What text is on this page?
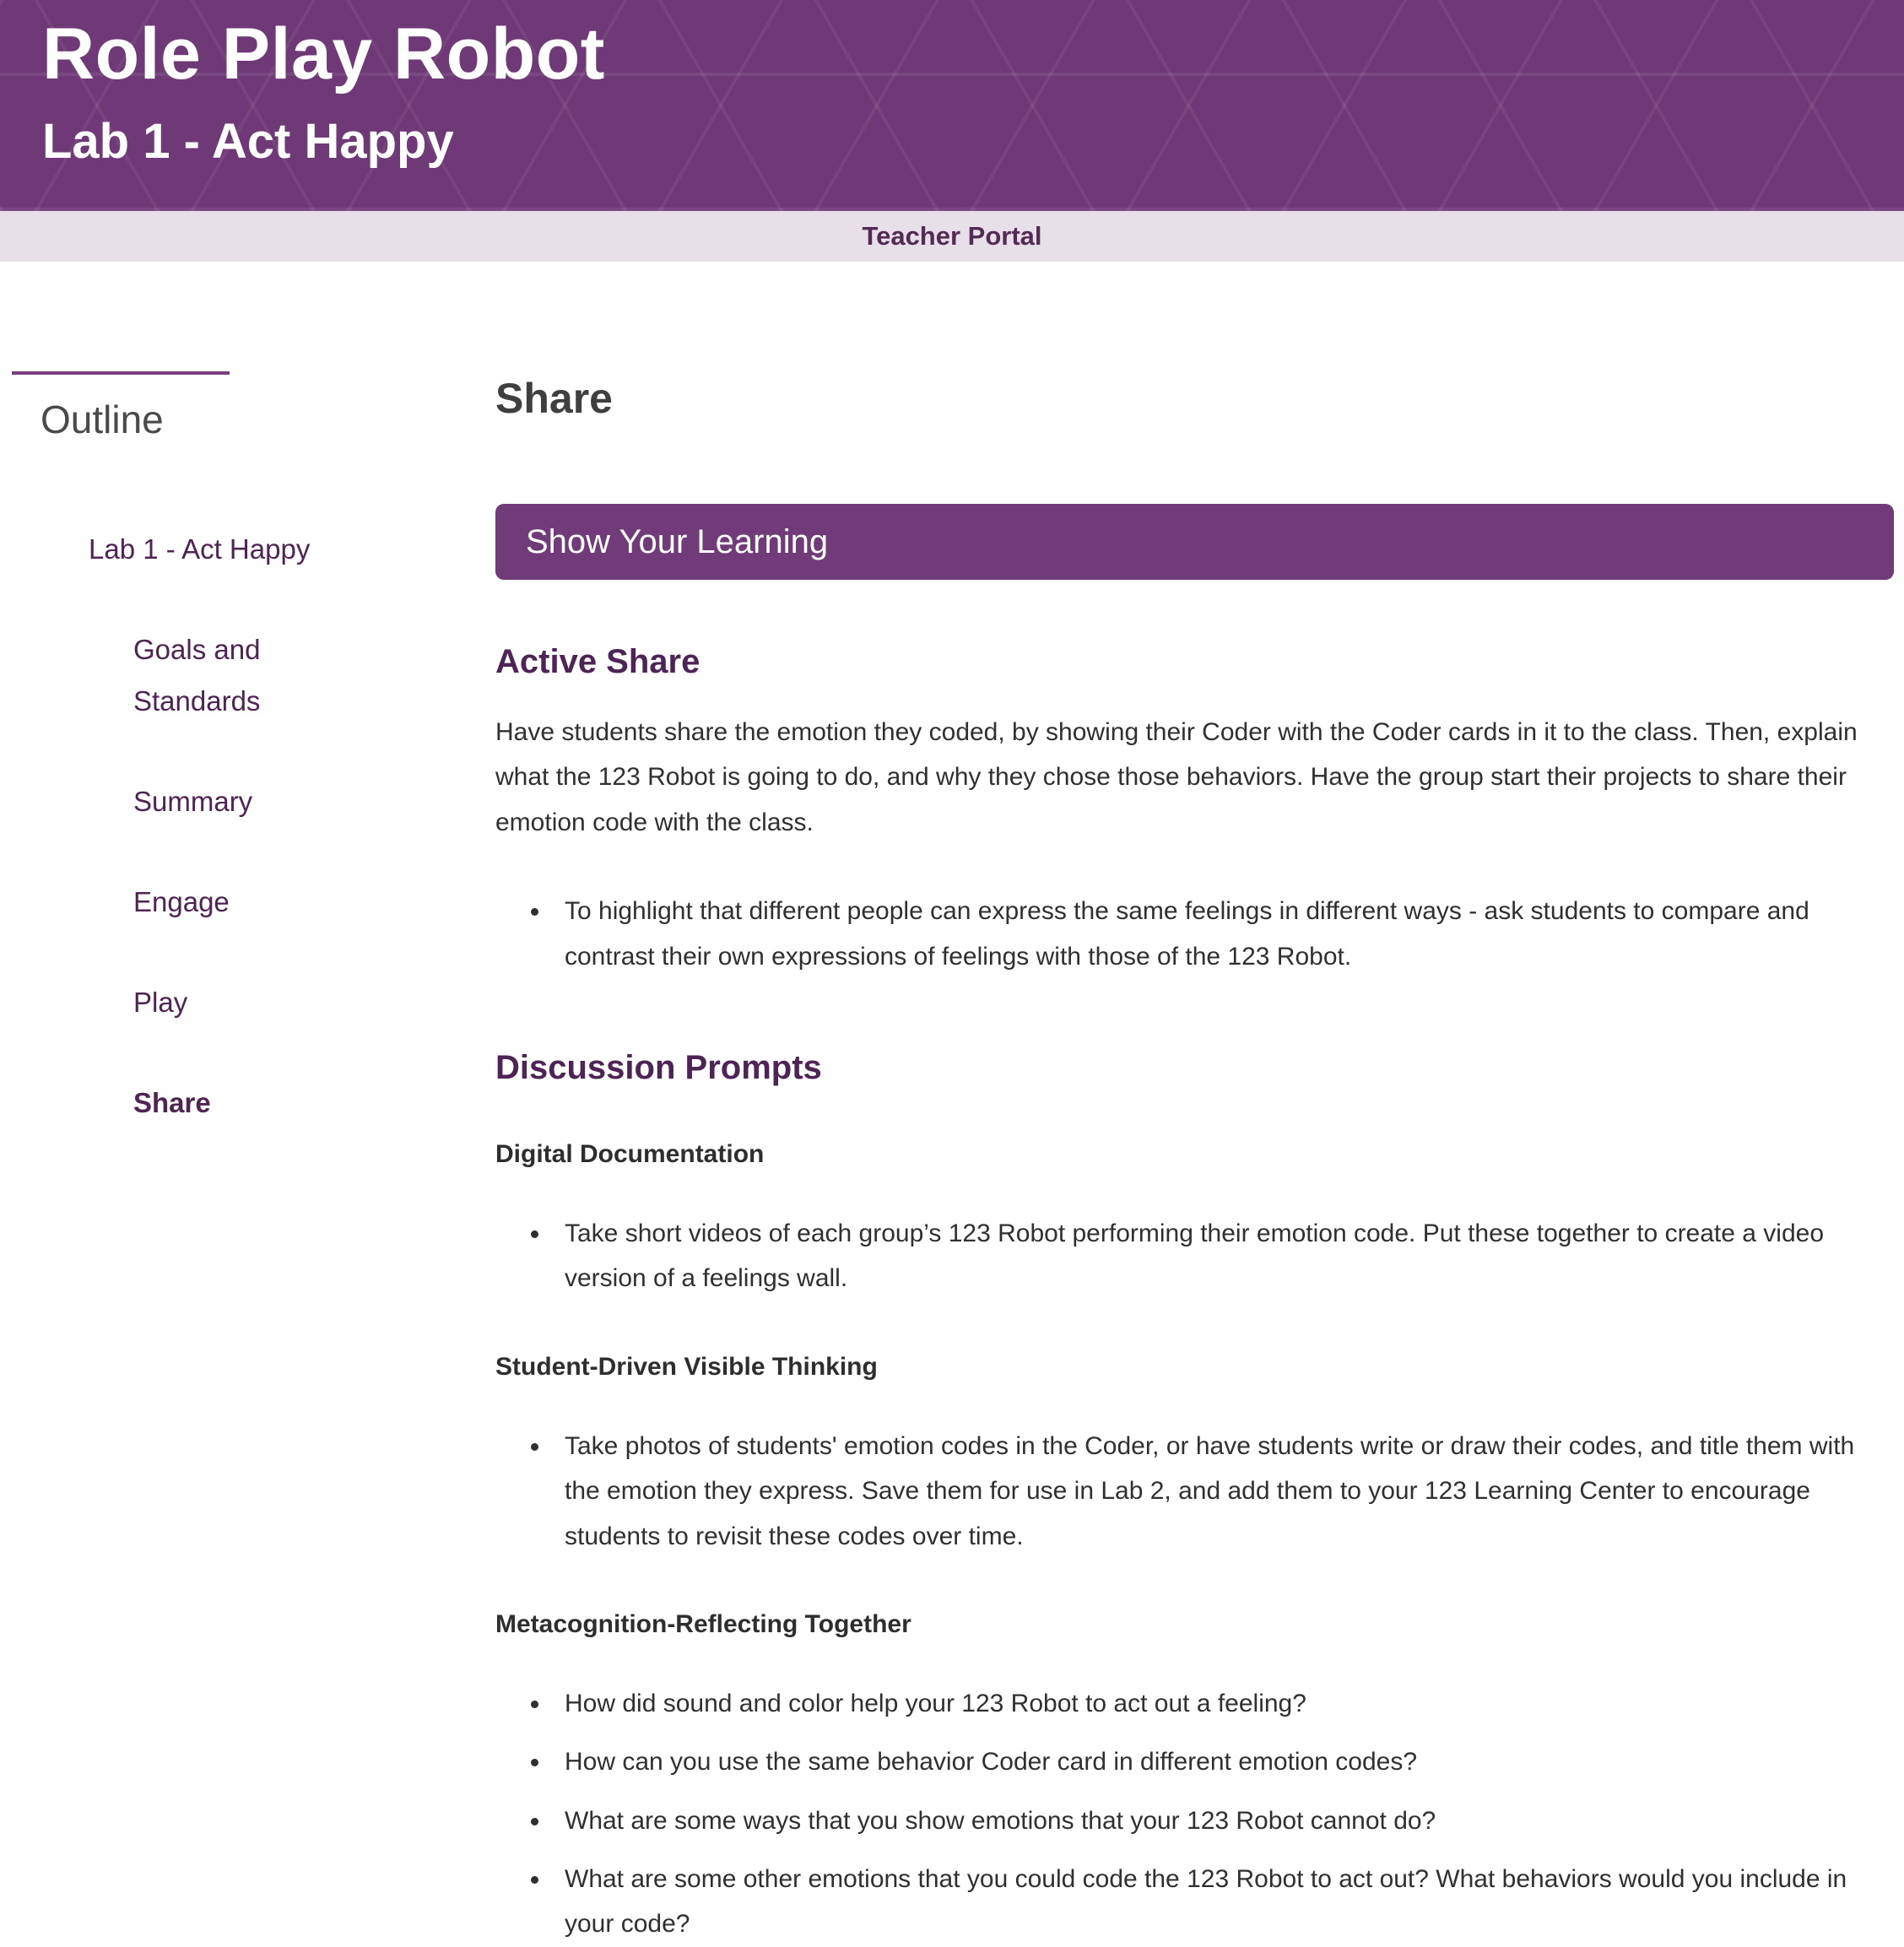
Role Play Robot
Lab 1 - Act Happy
Teacher Portal
Outline
Lab 1 - Act Happy
Goals and Standards
Summary
Engage
Play
Share
Share
Show Your Learning
Active Share

Have students share the emotion they coded, by showing their Coder with the Coder cards in it to the class. Then, explain what the 123 Robot is going to do, and why they chose those behaviors. Have the group start their projects to share their emotion code with the class.

• To highlight that different people can express the same feelings in different ways - ask students to compare and contrast their own expressions of feelings with those of the 123 Robot.
Discussion Prompts
Digital Documentation
• Take short videos of each group’s 123 Robot performing their emotion code. Put these together to create a video version of a feelings wall.
Student-Driven Visible Thinking
• Take photos of students' emotion codes in the Coder, or have students write or draw their codes, and title them with the emotion they express. Save them for use in Lab 2, and add them to your 123 Learning Center to encourage students to revisit these codes over time.
Metacognition-Reflecting Together
• How did sound and color help your 123 Robot to act out a feeling?
• How can you use the same behavior Coder card in different emotion codes?
• What are some ways that you show emotions that your 123 Robot cannot do?
• What are some other emotions that you could code the 123 Robot to act out? What behaviors would you include in your code?
